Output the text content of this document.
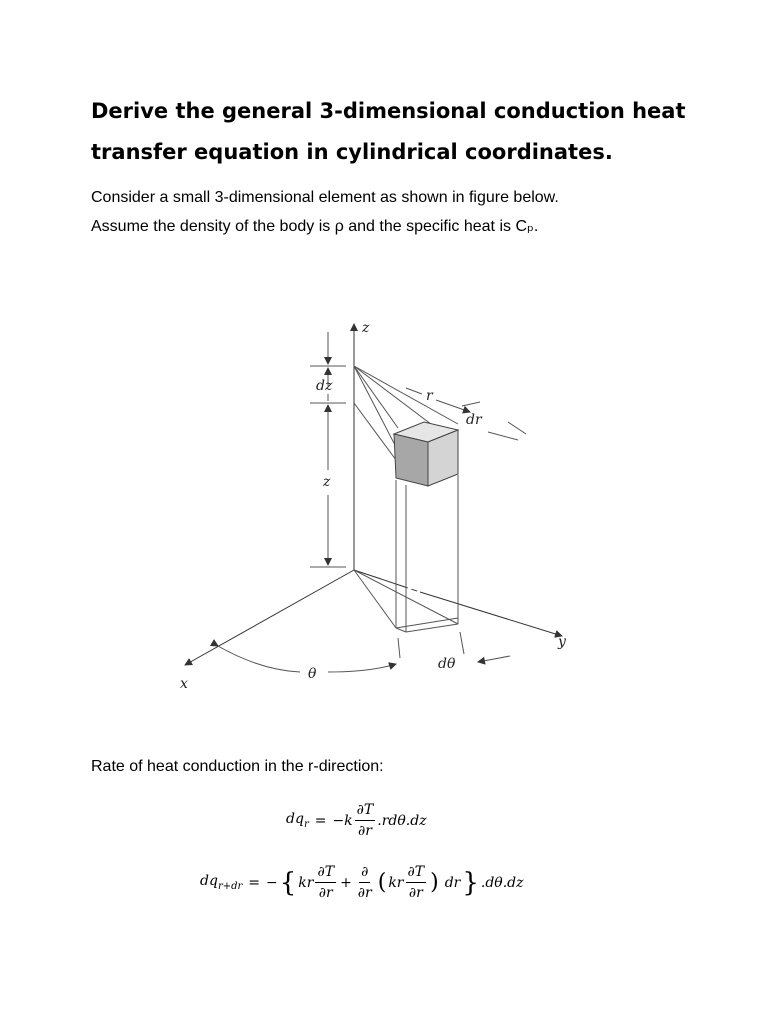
Derive the general 3-dimensional conduction heat transfer equation in cylindrical coordinates.
Consider a small 3-dimensional element as shown in figure below.
Assume the density of the body is ρ and the specific heat is Cₚ.
z
dz
z
r
dr
y
x
θ
dθ

Rate of heat conduction in the r-direction:

$dq_r = -k \frac{\partial T}{\partial r} .rd\theta.dz$
$dq_{r+dr}$ = − { kr $\frac{\partial T}{\partial r} + \frac{\partial}{\partial r}$ ( kr $\frac{\partial T}{\partial r}$ ) dr } .dθ.dz
